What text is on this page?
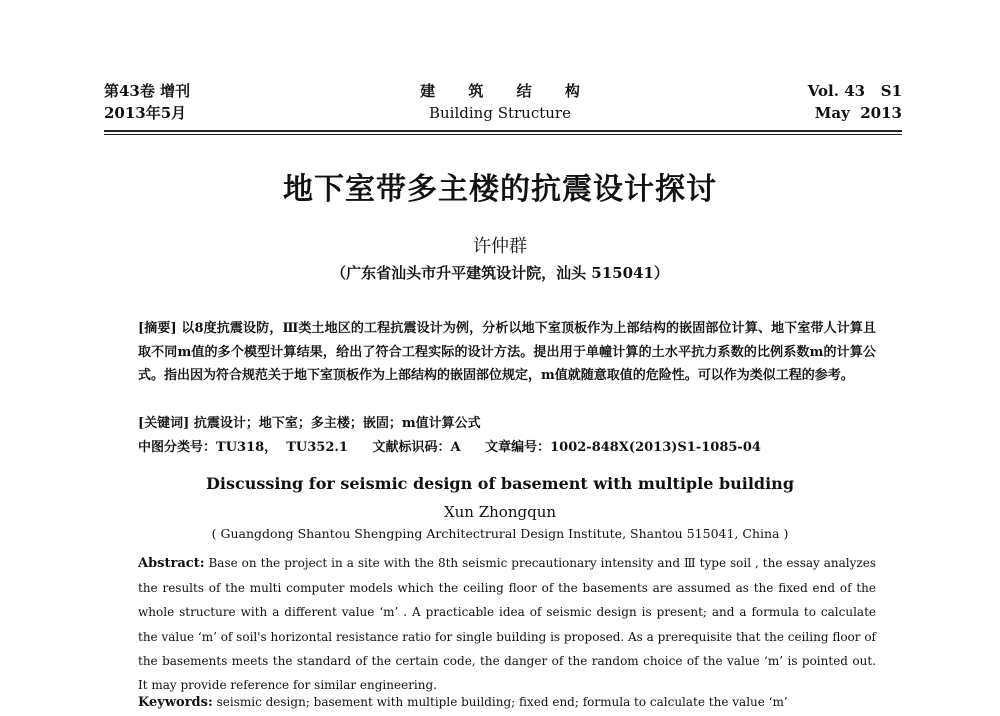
第43卷 增刊
2013年5月
建 筑 结 构
Building Structure
Vol. 43   S1
May  2013
地下室带多主楼的抗震设计探讨
许仲群
（广东省汕头市升平建筑设计院，汕头 515041）

[摘要] 以8度抗震设防，Ⅲ类土地区的工程抗震设计为例，分析以地下室顶板作为上部结构的嵌固部位计算、地下室带人计算且取不同m值的多个模型计算结果，给出了符合工程实际的设计方法。提出用于单幢计算的土水平抗力系数的比例系数m的计算公式。指出因为符合规范关于地下室顶板作为上部结构的嵌固部位规定，m值就随意取值的危险性。可以作为类似工程的参考。

[关键词] 抗震设计；地下室；多主楼；嵌固；m值计算公式
中图分类号：TU318，  TU352.1 文献标识码：A 文章编号：1002-848X(2013)S1-1085-04
Discussing for seismic design of basement with multiple building
Xun Zhongqun
( Guangdong Shantou Shengping Architectrural Design Institute, Shantou 515041, China )

Abstract: Base on the project in a site with the 8th seismic precautionary intensity and Ⅲ type soil , the essay analyzes the results of the multi computer models which the ceiling floor of the basements are assumed as the fixed end of the whole structure with a different value ‘m’ . A practicable idea of seismic design is present; and a formula to calculate the value ‘m’ of soil's horizontal resistance ratio for single building is proposed. As a prerequisite that the ceiling floor of the basements meets the standard of the certain code, the danger of the random choice of the value ‘m’ is pointed out. It may provide reference for similar engineering.

Keywords: seismic design; basement with multiple building; fixed end; formula to calculate the value ‘m’
